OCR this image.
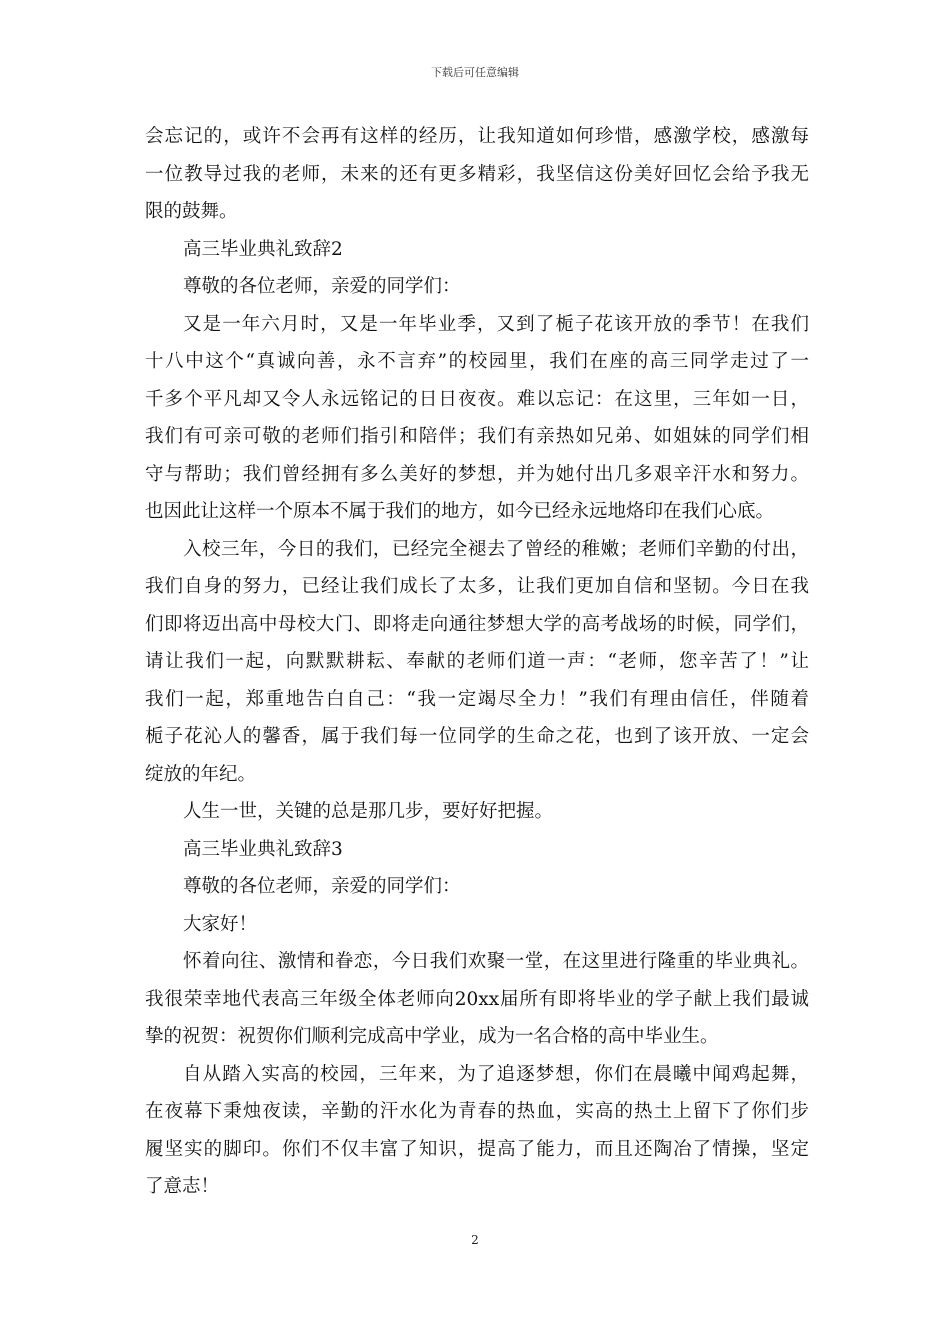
下载后可任意编辑
会忘记的，或许不会再有这样的经历，让我知道如何珍惜，感激学校，感激每
一位教导过我的老师，未来的还有更多精彩，我坚信这份美好回忆会给予我无
限的鼓舞。
高三毕业典礼致辞2
尊敬的各位老师，亲爱的同学们：
又是一年六月时，又是一年毕业季，又到了栀子花该开放的季节！在我们
十八中这个“真诚向善，永不言弃”的校园里，我们在座的高三同学走过了一
千多个平凡却又令人永远铭记的日日夜夜。难以忘记：在这里，三年如一日，
我们有可亲可敬的老师们指引和陪伴；我们有亲热如兄弟、如姐妹的同学们相
守与帮助；我们曾经拥有多么美好的梦想，并为她付出几多艰辛汗水和努力。
也因此让这样一个原本不属于我们的地方，如今已经永远地烙印在我们心底。
入校三年，今日的我们，已经完全褪去了曾经的稚嫩；老师们辛勤的付出，
我们自身的努力，已经让我们成长了太多，让我们更加自信和坚韧。今日在我
们即将迈出高中母校大门、即将走向通往梦想大学的高考战场的时候，同学们，
请让我们一起，向默默耕耘、奉献的老师们道一声：“老师，您辛苦了！”让
我们一起，郑重地告白自己：“我一定竭尽全力！”我们有理由信任，伴随着
栀子花沁人的馨香，属于我们每一位同学的生命之花，也到了该开放、一定会
绽放的年纪。
人生一世，关键的总是那几步，要好好把握。
高三毕业典礼致辞3
尊敬的各位老师，亲爱的同学们：
大家好！
怀着向往、激情和眷恋，今日我们欢聚一堂，在这里进行隆重的毕业典礼。
我很荣幸地代表高三年级全体老师向20xx届所有即将毕业的学子献上我们最诚
挚的祝贺：祝贺你们顺利完成高中学业，成为一名合格的高中毕业生。
自从踏入实高的校园，三年来，为了追逐梦想，你们在晨曦中闻鸡起舞，
在夜幕下秉烛夜读，辛勤的汗水化为青春的热血，实高的热土上留下了你们步
履坚实的脚印。你们不仅丰富了知识，提高了能力，而且还陶冶了情操，坚定
了意志！
2
